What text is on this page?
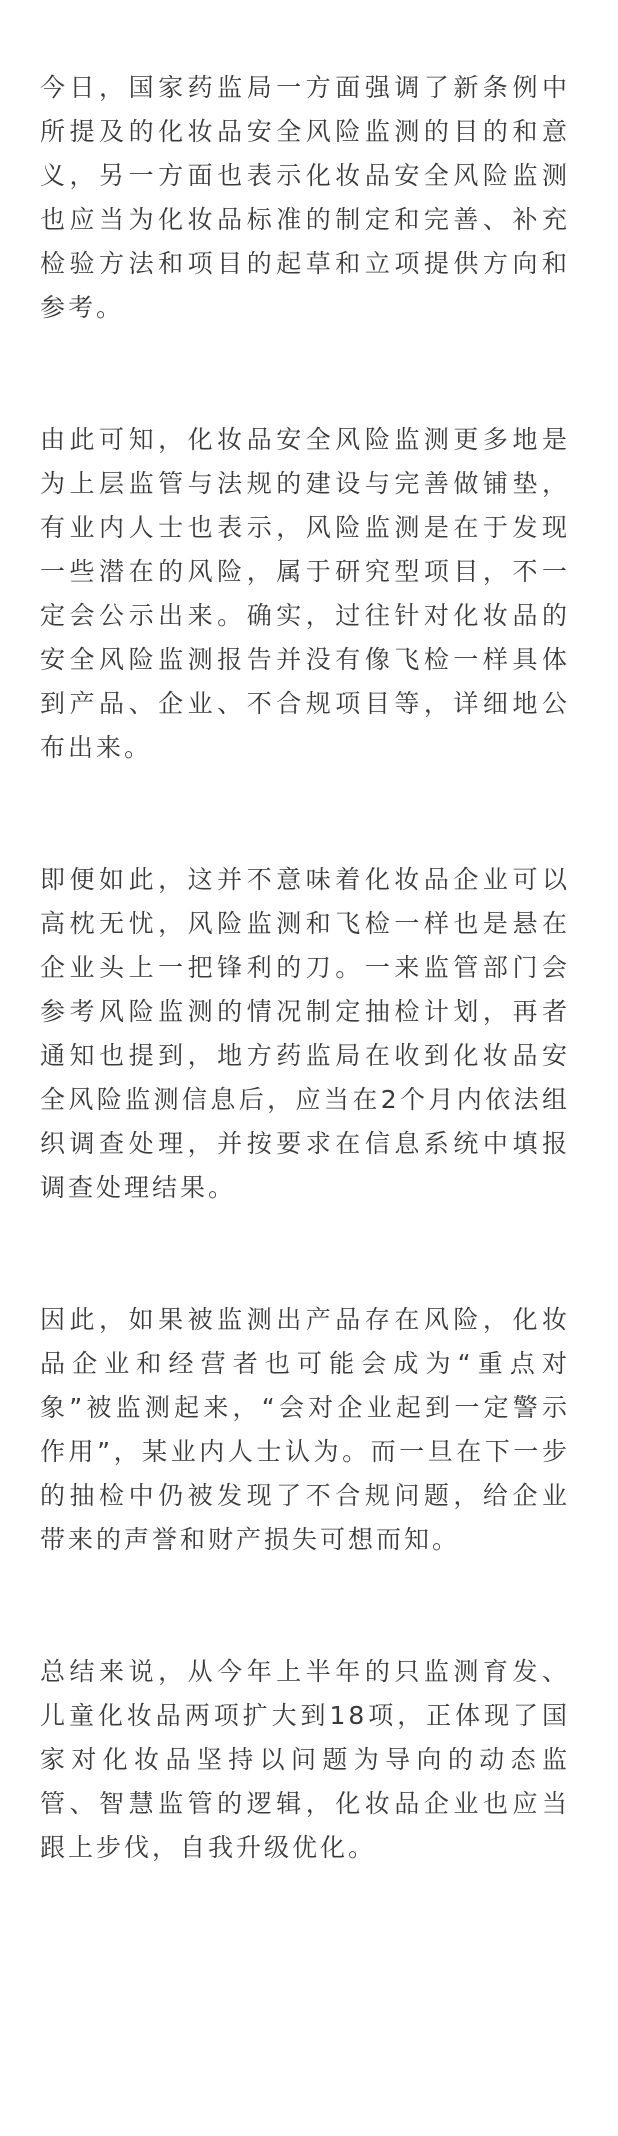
今日，国家药监局一方面强调了新条例中所提及的化妆品安全风险监测的目的和意义，另一方面也表示化妆品安全风险监测也应当为化妆品标准的制定和完善、补充检验方法和项目的起草和立项提供方向和参考。

由此可知，化妆品安全风险监测更多地是为上层监管与法规的建设与完善做铺垫，有业内人士也表示，风险监测是在于发现一些潜在的风险，属于研究型项目，不一定会公示出来。确实，过往针对化妆品的安全风险监测报告并没有像飞检一样具体到产品、企业、不合规项目等，详细地公布出来。

即便如此，这并不意味着化妆品企业可以高枕无忧，风险监测和飞检一样也是悬在企业头上一把锋利的刀。一来监管部门会参考风险监测的情况制定抽检计划，再者通知也提到，地方药监局在收到化妆品安全风险监测信息后，应当在2个月内依法组织调查处理，并按要求在信息系统中填报调查处理结果。

因此，如果被监测出产品存在风险，化妆品企业和经营者也可能会成为“重点对象”被监测起来，“会对企业起到一定警示作用”，某业内人士认为。而一旦在下一步的抽检中仍被发现了不合规问题，给企业带来的声誉和财产损失可想而知。

总结来说，从今年上半年的只监测育发、儿童化妆品两项扩大到18项，正体现了国家对化妆品坚持以问题为导向的动态监管、智慧监管的逻辑，化妆品企业也应当跟上步伐，自我升级优化。
